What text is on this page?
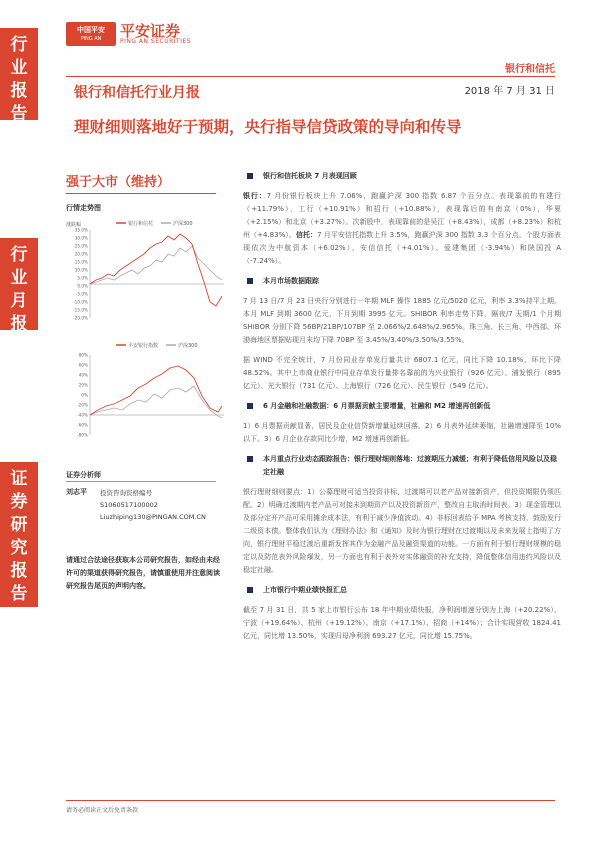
行
业
报
告
行
业
月
报
证
券
研
究
报
告
中国平安
PING AN	平安证券
PING AN SECURITIES
银行和信托
银行和信托行业月报	2018 年 7 月 31 日
理财细则落地好于预期，央行指导信贷政策的导向和传导
强于大市（维持）
行情走势图
涨跌幅	银行和信托	沪深300
35.0%
30.0%
25.0%
20.0%
15.0%
10.0%
5.0%
0.0%
-5.0%
-10.0%
-15.0%
-20.0%
平安银行指数	沪深300
80%
60%
40%
20%
0%
-20%
-40%
-60%
-80%
证券分析师
刘志平 投资咨询资格编号
S1060517100002
Liuzhiping130@PINGAN.COM.CN
请通过合法途径获取本公司研究报告，如经由未经许可的渠道获得研究报告，请慎重使用并注意阅读研究报告尾页的声明内容。
银行和信托板块 7 月表现回顾
银行：7 月份银行板块上升 7.06%，跑赢沪深 300 指数 6.87 个百分点。表现靠前的有建行（+11.79%），工行（+10.91%）和招行（+10.88%），表现靠后的有南京（0%），华夏（+2.15%）和北京（+3.27%）。次新股中，表现靠前的是吴江（+8.43%），成都（+8.23%）和杭州（+4.83%）。信托：7 月平安信托指数上升 3.5%，跑赢沪深 300 指数 3.3 个百分点。个股方面表现依次为中航资本（+6.02%）、安信信托（+4.01%）、爱建集团（-3.94%）和陕国投 A（-7.24%）。
本月市场数据跟踪
7 月 13 日/7 月 23 日央行分别进行一年期 MLF 操作 1885 亿元/5020 亿元，利率 3.3%持平上期。本月 MLF 到期 3600 亿元，下月到期 3995 亿元。SHIBOR 利率走势下降，隔夜/7 天期/1 个月期 SHIBOR 分别下降 56BP/21BP/107BP 至 2.066%/2.648%/2.965%。珠三角、长三角、中西部、环渤海地区票据贴现月末均下降 70BP 至 3.45%/3.40%/3.50%/3.55%。
据 WIND 不完全统计，7 月份同业存单发行量共计 6807.1 亿元，同比下降 10.18%，环比下降 48.52%。其中上市商业银行中同业存单发行量排名靠前的为兴业银行（926 亿元）、浦发银行（895 亿元）、光大银行（731 亿元）、上海银行（726 亿元）、民生银行（549 亿元）。
6 月金融和社融数据：6 月票据贡献主要增量，社融和 M2 增速再创新低
1）6 月票据贡献显著，居民及企业信贷新增量延续回落。2）6 月表外延续萎缩，社融增速降至 10%以下。3）6 月企业存款同比少增，M2 增速再创新低。
本月重点行业动态跟踪报告：银行理财细则落地：过渡期压力减缓；有利于降低信用风险以及稳定社融
银行理财细则要点：1）公募理财可适当投资非标，过渡期可以老产品对接新资产，但投资期限仍须匹配。2）明确过渡期内老产品可对接未到期资产以及投资新资产，整改自主取消时间表。3）现金管理以及部分定开产品可采用摊余成本法，有利于减少净值波动。4）非标回表给予 MPA 考核支持，鼓励发行二级资本债。整体我们认为《理财办法》和《通知》及时为银行理财在过渡期以及未来发展上指明了方向，银行理财平稳过渡后重新发挥其作为金融产品及融资渠道的功能。一方面有利于银行理财规模的稳定以及防范表外风险爆发，另一方面也有利于表外对实体融资的补充支持，降低整体信用违约风险以及稳定社融。
上市银行中期业绩快报汇总
截至 7 月 31 日，共 5 家上市银行公布 18 年中期业绩快报，净利润增速分别为上海（+20.22%）、宁波（+19.64%）、杭州（+19.12%）、南京（+17.1%）、招商（+14%）；合计实现营收 1824.41 亿元，同比增 13.50%，实现归母净利润 693.27 亿元，同比增 15.75%。
请务必阅读正文后免责条款
